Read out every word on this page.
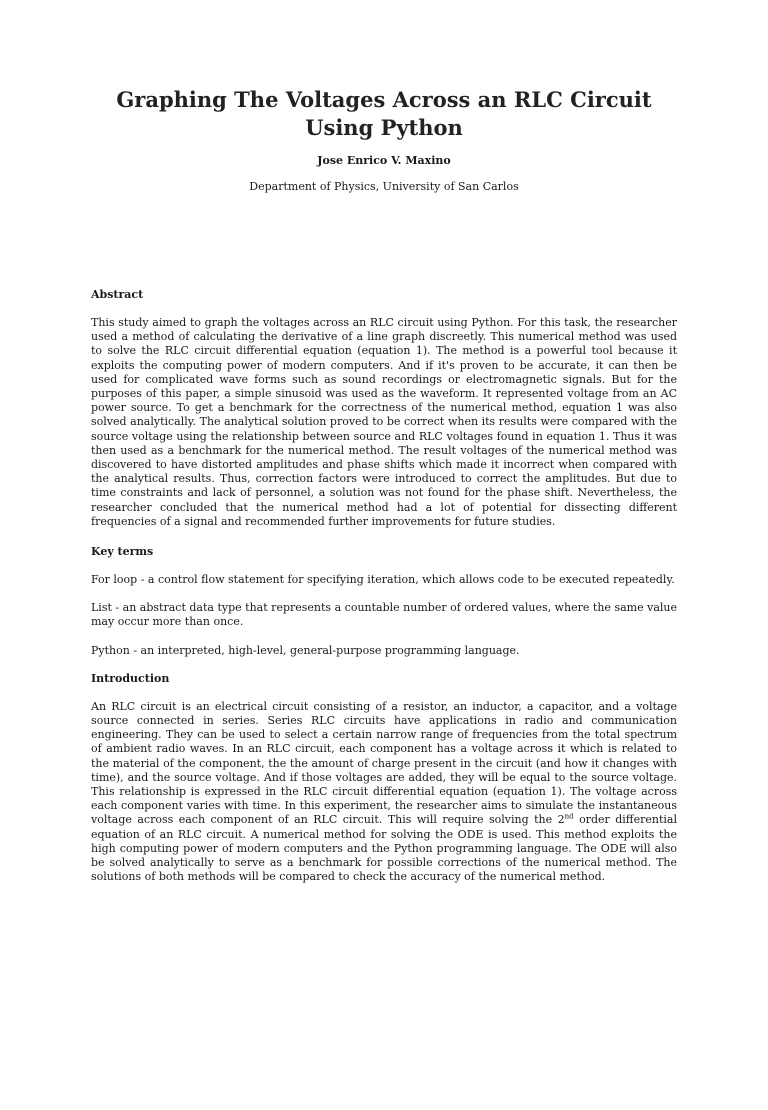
Graphing The Voltages Across an RLC Circuit
Using Python
Jose Enrico V. Maxino
Department of Physics, University of San Carlos
Abstract

This study aimed to graph the voltages across an RLC circuit using Python. For this task, the researcher used a method of calculating the derivative of a line graph discreetly. This numerical method was used to solve the RLC circuit differential equation (equation 1). The method is a powerful tool because it exploits the computing power of modern computers. And if it's proven to be accurate, it can then be used for complicated wave forms such as sound recordings or electromagnetic signals. But for the purposes of this paper, a simple sinusoid was used as the waveform. It represented voltage from an AC power source. To get a benchmark for the correctness of the numerical method, equation 1 was also solved analytically. The analytical solution proved to be correct when its results were compared with the source voltage using the relationship between source and RLC voltages found in equation 1. Thus it was then used as a benchmark for the numerical method. The result voltages of the numerical method was discovered to have distorted amplitudes and phase shifts which made it incorrect when compared with the analytical results. Thus, correction factors were introduced to correct the amplitudes. But due to time constraints and lack of personnel, a solution was not found for the phase shift. Nevertheless, the researcher concluded that the numerical method had a lot of potential for dissecting different frequencies of a signal and recommended further improvements for future studies.

Key terms

For loop - a control flow statement for specifying iteration, which allows code to be executed repeatedly.

List - an abstract data type that represents a countable number of ordered values, where the same value may occur more than once.

Python - an interpreted, high-level, general-purpose programming language.

Introduction

An RLC circuit is an electrical circuit consisting of a resistor, an inductor, a capacitor, and a voltage source connected in series. Series RLC circuits have applications in radio and communication engineering. They can be used to select a certain narrow range of frequencies from the total spectrum of ambient radio waves. In an RLC circuit, each component has a voltage across it which is related to the material of the component, the the amount of charge present in the circuit (and how it changes with time), and the source voltage. And if those voltages are added, they will be equal to the source voltage. This relationship is expressed in the RLC circuit differential equation (equation 1). The voltage across each component varies with time. In this experiment, the researcher aims to simulate the instantaneous voltage across each component of an RLC circuit. This will require solving the 2nd order differential equation of an RLC circuit. A numerical method for solving the ODE is used. This method exploits the high computing power of modern computers and the Python programming language. The ODE will also be solved analytically to serve as a benchmark for possible corrections of the numerical method. The solutions of both methods will be compared to check the accuracy of the numerical method.
